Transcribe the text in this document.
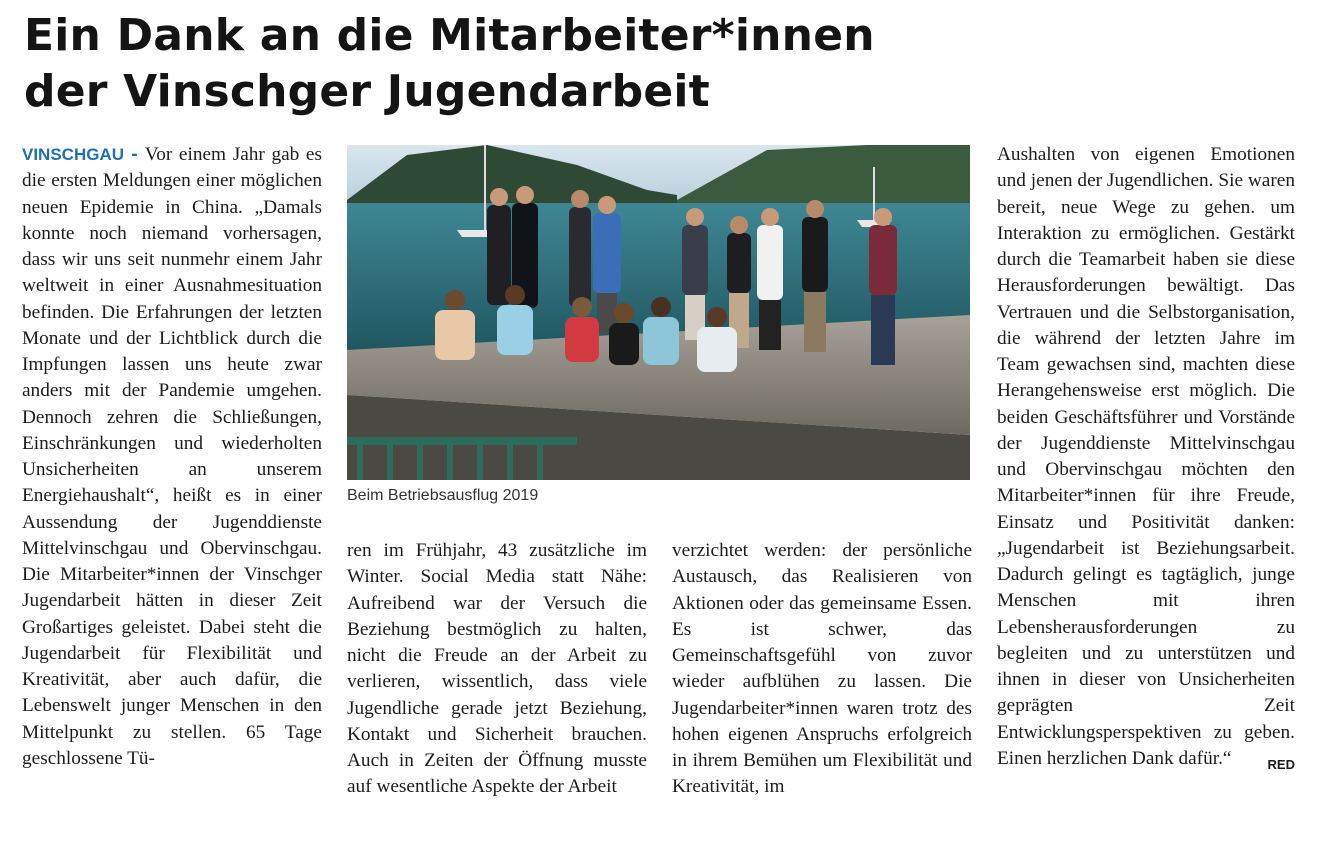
Ein Dank an die Mitarbeiter*innen
der Vinschger Jugendarbeit

VINSCHGAU - Vor einem Jahr gab es die ersten Meldungen einer möglichen neuen Epidemie in China. „Damals konnte noch niemand vorhersagen, dass wir uns seit nunmehr einem Jahr weltweit in einer Ausnahmesituation befinden. Die Erfahrungen der letzten Monate und der Lichtblick durch die Impfungen lassen uns heute zwar anders mit der Pandemie umgehen. Dennoch zehren die Schließungen, Einschränkungen und wiederholten Unsicherheiten an unserem Energiehaushalt“, heißt es in einer Aussendung der Jugenddienste Mittelvinschgau und Obervinschgau. Die Mitarbeiter*innen der Vinschger Jugendarbeit hätten in dieser Zeit Großartiges geleistet. Dabei steht die Jugendarbeit für Flexibilität und Kreativität, aber auch dafür, die Lebenswelt junger Menschen in den Mittelpunkt zu stellen. 65 Tage geschlossene Tü-

Beim Betriebsausflug 2019

ren im Frühjahr, 43 zusätzliche im Winter. Social Media statt Nähe: Aufreibend war der Versuch die Beziehung bestmöglich zu halten, nicht die Freude an der Arbeit zu verlieren, wissentlich, dass viele Jugendliche gerade jetzt Beziehung, Kontakt und Sicherheit brauchen. Auch in Zeiten der Öffnung musste auf wesentliche Aspekte der Arbeit

verzichtet werden: der persönliche Austausch, das Realisieren von Aktionen oder das gemeinsame Essen. Es ist schwer, das Gemeinschaftsgefühl von zuvor wieder aufblühen zu lassen. Die Jugendarbeiter*innen waren trotz des hohen eigenen Anspruchs erfolgreich in ihrem Bemühen um Flexibilität und Kreativität, im

Aushalten von eigenen Emotionen und jenen der Jugendlichen. Sie waren bereit, neue Wege zu gehen. um Interaktion zu ermöglichen. Gestärkt durch die Teamarbeit haben sie diese Herausforderungen bewältigt. Das Vertrauen und die Selbstorganisation, die während der letzten Jahre im Team gewachsen sind, machten diese Herangehensweise erst möglich. Die beiden Geschäftsführer und Vorstände der Jugenddienste Mittelvinschgau und Obervinschgau möchten den Mitarbeiter*innen für ihre Freude, Einsatz und Positivität danken: „Jugendarbeit ist Beziehungsarbeit. Dadurch gelingt es tagtäglich, junge Menschen mit ihren Lebensherausforderungen zu begleiten und zu unterstützen und ihnen in dieser von Unsicherheiten geprägten Zeit Entwicklungsperspektiven zu geben. Einen herzlichen Dank dafür.“	RED
